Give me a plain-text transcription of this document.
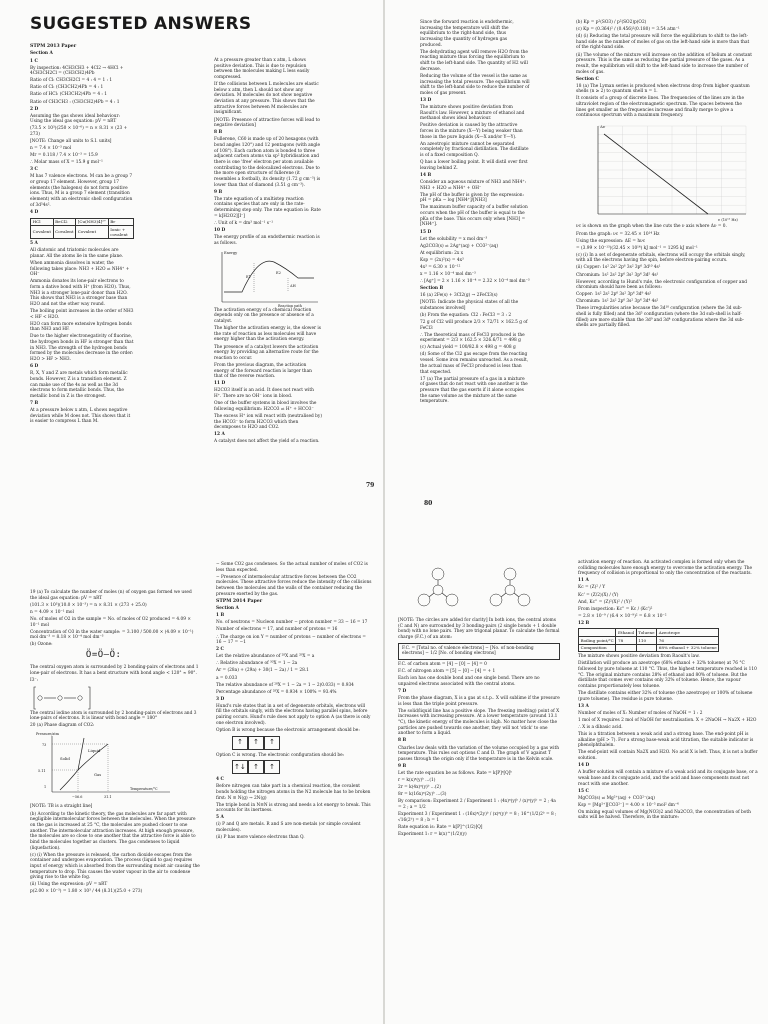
SUGGESTED ANSWERS

STPM 2013 Paper

Section A

1 C

By inspection: 4CH3CH3 + 4Cl2 → 4HCl + 4CH3CH2Cl = (CH3CH2)4Pb

Ratio of Cl: CH3CH2Cl = 4 : 4 = 1 : 1

Ratio of Cl: (CH3CH2)4Pb = 4 : 1

Ratio of HCl: (CH3CH2)4Pb = 4 : 1

Ratio of CH3CH3 : (CH3CH2)4Pb = 4 : 1

2 D

Assuming the gas shows ideal behaviour: Using the ideal gas equation: pV = nRT

(73.5 × 10³)(250 × 10⁻⁶) = n × 8.31 × (23 + 273)

[NOTE: Change all units to S.I. units]

n = 7.4 × 10⁻³ mol

Mr = 0.118 / 7.4 × 10⁻³ = 15.9

∴ Molar mass of X = 15.9 g mol⁻¹

3 C

M has 7 valence electrons. M can be a group 7 or group 17 element. However, group 17 elements (the halogens) do not form positive ions. Thus, M is a group 7 element (transition element) with an electronic shell configuration of 3d⁵4s².

4 D

HCl	BeCl2	[Cu(NH3)4]²⁺	Br
Covalent	Covalent	Covalent	Ionic + covalent

5 A

All diatomic and triatomic molecules are planar. All the atoms lie in the same plane.

When ammonia dissolves in water, the following takes place: NH3 + H2O ⇌ NH4⁺ + OH⁻

Ammonia donates its lone-pair electrons to form a dative bond with H⁺ (from H2O). Thus, NH3 is a stronger lone-pair donor than H2O. This shows that NH3 is a stronger base than H2O and not the other way round.

The boiling point increases in the order of NH3 < HF < H2O.

H2O can form more extensive hydrogen bonds than NH3 and HF.

Due to the higher electronegativity of fluorine, the hydrogen bonds in HF is stronger than that in NH3. The strength of the hydrogen bonds formed by the molecules decrease in the order: H2O > HF > NH3.

6 D

R, X, Y and Z are metals which form metallic bonds. However, Z is a transition element. Z can make use of the 4s as well as the 3d electrons to form metallic bonds. Thus, the metallic bond in Z is the strongest.

7 B

At a pressure below x atm, L shows negative deviation while M does not. This shows that it is easier to compress L than M.

At a pressure greater than x atm, L shows positive deviation. This is due to repulsion between the molecules making L less easily compressed.

If the collisions between L molecules are elastic below x atm, then L should not show any deviation. M molecules do not show negative deviation at any pressure. This shows that the attractive forces between M molecules are insignificant.

[NOTE: Presence of attractive forces will lead to negative deviation]

8 B

Fullerene, C60 is made up of 20 hexagons (with bond angles 120°) and 12 pentagons (with angle of 108°). Each carbon atom is bonded to three adjacent carbon atoms via sp² hybridisation and there is one 'free' electron per atom available contributing to the delocalized electrons. Due to the more open structure of fullerene (it resembles a football), its density (1.72 g cm⁻³) is lower than that of diamond (3.51 g cm⁻³).

9 B

The rate equation of a multistep reaction contains species that are only in the rate-determining step only. The rate equation is: Rate = k[H2O2][I⁻]

∴ Unit of k = dm³ mol⁻¹ s⁻¹

10 D

The energy profile of an endothermic reaction is as follows.

Energy
Reaction path
E1
E2
ΔH

The activation energy of a chemical reaction depends only on the presence or absence of a catalyst.

The higher the activation energy is, the slower is the rate of reaction as less molecules will have energy higher than the activation energy.

The presence of a catalyst lowers the activation energy by providing an alternative route for the reaction to occur.

From the previous diagram, the activation energy of the forward reaction is larger than that of the reverse reaction.

11 D

H2CO3 itself is an acid. It does not react with H⁺. There are no OH⁻ ions in blood.

One of the buffer systems in blood involves the following equilibrium: H2CO3 ⇌ H⁺ + HCO3⁻

The excess H⁺ ion will react with (neutralised by) the HCO3⁻ to form H2CO3 which then decomposes to H2O and CO2.

12 A

A catalyst does not affect the yield of a reaction.

79

Since the forward reaction is endothermic, increasing the temperature will shift the equilibrium to the right-hand side, thus increasing the quantity of hydrogen gas produced.

The dehydrating agent will remove H2O from the reacting mixture thus forcing the equilibrium to shift to the left-hand side. The quantity of H2 will decrease.

Reducing the volume of the vessel is the same as increasing the total pressure. The equilibrium will shift to the left-hand side to reduce the number of moles of gas present.

13 D

The mixture shows positive deviation from Raoult's law. However, a mixture of ethanol and methanol shows ideal behaviour.

Positive deviation is caused by the attractive forces in the mixture (X—Y) being weaker than those in the pure liquids (X—X and/or Y—Y).

An azeotropic mixture cannot be separated completely by fractional distillation. The distillate is of a fixed composition Q.

Q has a lower boiling point. It will distil over first leaving behind Z.

14 B

Consider an aqueous mixture of NH3 and NH4⁺: NH3 + H2O ⇌ NH4⁺ + OH⁻

The pH of the buffer is given by the expression: pH = pKa − log [NH4⁺]/[NH3]

The maximum buffer capacity of a buffer solution occurs when the pH of the buffer is equal to the pKa of the base. This occurs only when [NH3] = [NH4⁺].

15 D

Let the solubility = x mol dm⁻³

Ag2CO3(s) ⇌ 2Ag⁺(aq) + CO3²⁻(aq)

At equilibrium: 2x x

Ksp = (2x)²(x) = 4x³

4x³ = 6.30 × 10⁻¹²

x = 1.16 × 10⁻⁴ mol dm⁻³

∴ [Ag⁺] = 2 × 1.16 × 10⁻⁴ = 2.32 × 10⁻⁴ mol dm⁻³

Section B

16 (a) 2Fe(s) + 3Cl2(g) → 2FeCl3(s)

[NOTE: Indicate the physical states of all the substances involved]

(b) From the equation: Cl2 : FeCl3 = 3 : 2

72 g of Cl2 will produce 2/3 × 72/71 × 162.5 g of FeCl3

∴ The theoretical mass of FeCl3 produced is the experiment = 2/3 × 162.5 × 326.6/71 = 498 g

(c) Actual yield = 100/82.8 × 498 g = 408 g

(d) Some of the Cl2 gas escape from the reacting vessel. Some iron remains unreacted. As a result, the actual mass of FeCl3 produced is less than that expected.

17 (a) The partial pressure of a gas in a mixture of gases that do not react with one another is the pressure that the gas exerts if it alone occupies the same volume as the mixture at the same temperature.

(b) Kp = p²(SO3) / p²(SO2)p(O2)

(c) Kp = (0.364)² / (0.456)²(0.180) = 3.54 atm⁻¹

(d) (i) Reducing the total pressure will force the equilibrium to shift to the left-hand side as the number of moles of gas on the left-hand side is more than that of the right-hand side.

(ii) The volume of the mixture will increase on the addition of helium at constant pressure. This is the same as reducing the partial pressure of the gases. As a result, the equilibrium will shift to the left-hand side to increase the number of moles of gas.

Section C

18 (a) The Lyman series is produced when electrons drop from higher quantum shells (n ≥ 2) to quantum shell n = 1.

It consists of a group of discrete lines. The frequencies of the lines are in the ultraviolet region of the electromagnetic spectrum. The spaces between the lines get smaller as the frequencies increase and finally merge to give a continuous spectrum with a maximum frequency.

Δν
ν (10¹⁵ Hz)

νc is shown on the graph when the line cuts the ν axis where Δν = 0.

From the graph: νc = 32.45 × 10¹⁴ Hz

Using the expression: ΔE = hνc

= (3.99 × 10⁻¹³)(32.45 × 10¹⁴) kJ mol⁻¹ = 1295 kJ mol⁻¹

(c) (i) In a set of degenerate orbitals, electrons will occupy the orbitals singly, with all the electrons having the spin, before electron-pairing occurs.

(ii) Copper: 1s² 2s² 2p⁶ 3s² 3p⁶ 3d¹⁰ 4s¹

Chromium: 1s² 2s² 2p⁶ 3s² 3p⁶ 3d⁵ 4s¹

However, according to Hund's rule, the electronic configuration of copper and chromium should have been as follows:

Copper: 1s² 2s² 2p⁶ 3s² 3p⁶ 3d⁹ 4s²

Chromium: 1s² 2s² 2p⁶ 3s² 3p⁶ 3d⁴ 4s²

These irregularities arise because the 3d¹⁰ configuration (where the 3d sub-shell is fully filled) and the 3d⁵ configuration (where the 3d sub-shell is half-filled) are more stable than the 3d⁹ and 3d⁴ configurations where the 3d sub-shells are partially filled.

80

19 (a) To calculate the number of moles (n) of oxygen gas formed we used the ideal gas equation: pV = nRT

(101.3 × 10³)(10.0 × 10⁻³) = n × 8.31 × (273 + 25.0)

n = 4.09 × 10⁻¹ mol

No. of moles of O2 in the sample = No. of moles of O2 produced = 4.09 × 10⁻¹ mol

Concentration of O3 in the water sample: = 3.100 / 500.00 × (4.09 × 10⁻¹) mol dm⁻³ = 8.18 × 10⁻⁴ mol dm⁻³

(b) Ozone:

Ö=Ö–Ö:

The central oxygen atom is surrounded by 2 bonding-pairs of electrons and 1 lone-pair of electrons. It has a bent structure with bond angle < 120° ≈ 90°.

I3⁻:

The central iodine atom is surrounded by 2 bonding-pairs of electrons and 3 lone-pairs of electrons. It is linear with bond angle = 180°

20 (a) Phase diagram of CO2:

Pressure/atm
Temperature/°C
Solid
Liquid
Gas
73
5.11
1
−56.6	31.1

[NOTE: TB is a straight line]

(b) According to the kinetic theory, the gas molecules are far apart with negligible intermolecular forces between the molecules. When the pressure on the gas is increased at 25 °C, the molecules are pushed closer to one another. The intermolecular attraction increases. At high enough pressure, the molecules are so close to one another that the attractive force is able to bind the molecules together as clusters. The gas condenses to liquid (liquefaction).

(c) (i) When the pressure is released, the carbon dioxide escapes from the container and undergoes evaporation. The process (liquid to gas) requires input of energy which is absorbed from the surrounding moist air causing the temperature to drop. This causes the water vapour in the air to condense giving rise to the white fog.

(ii) Using the expression: pV = nRT

p(2.00 × 10⁻³) = 1.80 × 10³ / 44 (8.31)(25.0 + 273)

− Some CO2 gas condenses. So the actual number of moles of CO2 is less than expected.

− Presence of intermolecular attractive forces between the CO2 molecules. These attractive forces reduce the intensity of the collisions between the molecules and the walls of the container reducing the pressure exerted by the gas.

STPM 2014 Paper

Section A

1 B

No. of neutrons = Nucleon number − proton number = 33 − 16 = 17

Number of electrons = 17, and number of protons = 16

∴ The charge on ion Y = number of protons − number of electrons = 16 − 17 = −1

2 C

Let the relative abundance of ²⁸X and ²⁹X = a

∴ Relative abundance of ³⁰X = 1 − 2a

Ar = (28a) + (29a) + 30(1 − 2a) / 1 = 28.1

a = 0.033

The relative abundance of ²⁸X = 1 − 2a = 1 − 2(0.033) = 0.934

Percentage abundance of ²⁸X = 0.934 × 100% = 93.4%

3 D

Hund's rule states that in a set of degenerate orbitals, electrons will fill the orbitals singly, with the electrons having parallel spins, before pairing occurs. Hund's rule does not apply to option A (as there is only one electron involved).

Option B is wrong because the electronic arrangement should be:

↑	↑	↑

Option C is wrong. The electronic configuration should be:

↑↓	↑	↑

4 C

Before nitrogen can take part in a chemical reaction, the covalent bonds holding the nitrogen atoms in the N2 molecule has to be broken first: N ≡ N(g) → 2N(g)

The triple bond in N≡N is strong and needs a lot energy to break. This accounts for its inertness.

5 A

(i) P and Q are metals. R and S are non-metals (or simple covalent molecules).

(ii) P has more valence electrons than Q.

[NOTE: The circles are added for clarity] In both ions, the central atoms (C and N) are surrounded by 3 bonding-pairs (2 single bonds + 1 double bond) with no lone pairs. They are trigonal planar. To calculate the formal charge (F.C.) of an atom:

F.C. = [Total no. of valence electrons] − [No. of non-bonding electrons] − 1/2 [No. of bonding electrons]

F.C. of carbon atom = [4] − [0] − [4] = 0

F.C. of nitrogen atom = [5] − [0] − [4] = + 1

Each ion has one double bond and one single bond. There are no unpaired electrons associated with the central atoms.

7 D

From the phase diagram, X is a gas at s.t.p.. X will sublime if the pressure is less than the triple point pressure.

The solid/liquid line has a positive slope. The freezing (melting) point of X increases with increasing pressure. At a lower temperature (around 13.1 °C), the kinetic energy of the molecules is high. No matter how close the particles are pushed towards one another, they will not 'stick' to one another to form a liquid.

8 B

Charles law deals with the variation of the volume occupied by a gas with temperature. This rules out options C and D. The graph of V against T passes through the origin only if the temperature is in the Kelvin scale.

9 B

Let the rate equation be as follows. Rate = k[P]ᵃ[Q]ᵇ

r = k(x)ᵃ(y)ᵇ ...(1)

2r = k(4x)ᵃ(y)ᵇ ...(2)

8r = k(16x)ᵃ(2y)ᵇ ...(3)

By comparison: Experiment 2 / Experiment 1 : (4x)ᵃ(y)ᵇ / (x)ᵃ(y)ᵇ = 2 ; 4a = 2 ; a = 1/2

Experiment 3 / Experiment 1 : (16x)ᵃ(2y)ᵇ / (x)ᵃ(y)ᵇ = 8 ; 16^(1/2)2ᵇ = 8 ; √16(2ᵇ) = 8 ; b = 1

Rate equation is: Rate = k[P]^(1/2)[Q]

Experiment 1: r = k(x)^(1/2)(y)

activation energy of reaction. An activated complex is formed only when the colliding molecules have enough energy to overcome the activation energy. The frequency of collision is proportional to only the concentration of the reactants.

11 A

Kc = (Z)² / Y

Kc' = (Z/2)(X) / (Y)

And, Kc'' = (Z)²(X)² / (Y)²

From inspection: Kc'' = Kc / (Kc')²

= 2.8 × 10⁻⁹ / (6.4 × 10⁻⁹)² = 6.8 × 10⁻²

12 B

	Ethanol	Toluene	Azeotrope
Boiling point/°C	78	110	76
Composition			68% ethanol + 32% toluene

The mixture shows positive deviation from Raoult's law.

Distillation will produce an azeotrope (68% ethanol + 32% toluene) at 76 °C followed by pure toluene at 110 °C. Thus, the highest temperature reached is 110 °C. The original mixture contains 28% of ethanol and 80% of toluene. But the distillate that comes over contains only 32% of toluene. Hence, the vapour contains proportionately less toluene.

The distillate contains either 32% of toluene (the azeotrope) or 100% of toluene (pure toluene). The residue is pure toluene.

13 A

Number of moles of X: Number of moles of NaOH = 1 : 2

1 mol of X requires 2 mol of NaOH for neutralisation. X + 2NaOH → Na2X + H2O

∴ X is a dibasic acid.

This is a titration between a weak acid and a strong base. The end-point pH is alkaline (pH > 7). For a strong base-weak acid titration, the suitable indicator is phenolphthalein.

The end-point will contain Na2X and H2O. No acid X is left. Thus, it is not a buffer solution.

14 D

A buffer solution will contain a mixture of a weak acid and its conjugate base, or a weak base and its conjugate acid, and the acid and base components must not react with one another.

15 C

MgCO3(s) ⇌ Mg²⁺(aq) + CO3²⁻(aq)

Ksp = [Mg²⁺][CO3²⁻] = 4.00 × 10⁻⁵ mol² dm⁻⁶

On mixing equal volumes of Mg(NO3)2 and Na2CO3, the concentration of both salts will be halved. Therefore, in the mixture:
